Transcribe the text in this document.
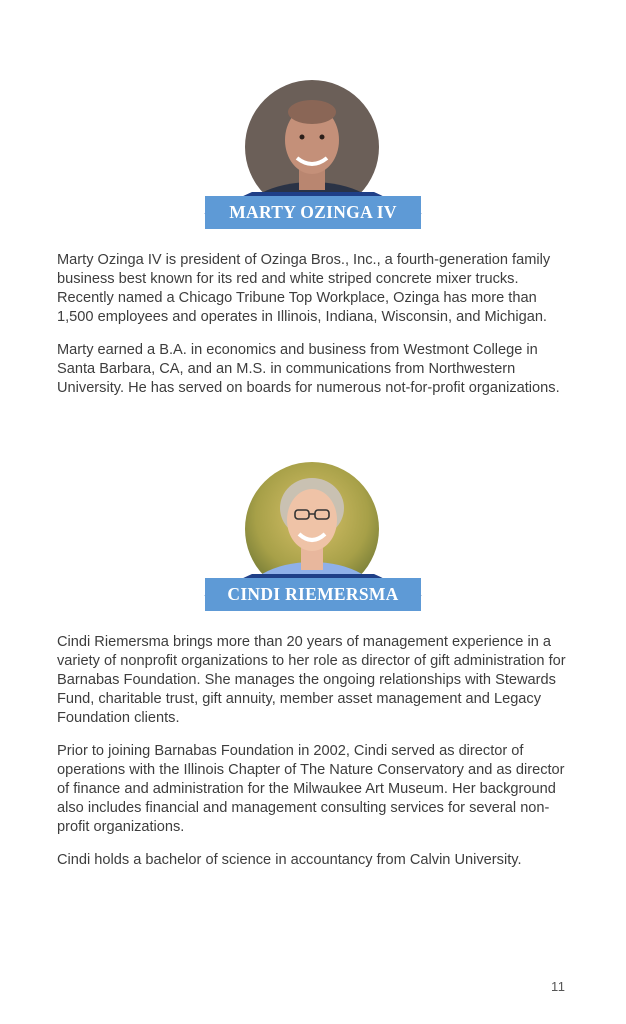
MARTY OZINGA IV

Marty Ozinga IV is president of Ozinga Bros., Inc., a fourth-generation family business best known for its red and white striped concrete mixer trucks. Recently named a Chicago Tribune Top Workplace, Ozinga has more than 1,500 employees and operates in Illinois, Indiana, Wisconsin, and Michigan.

Marty earned a B.A. in economics and business from Westmont College in Santa Barbara, CA, and an M.S. in communications from Northwestern University. He has served on boards for numerous not-for-profit organizations.

CINDI RIEMERSMA

Cindi Riemersma brings more than 20 years of management experience in a variety of nonprofit organizations to her role as director of gift administration for Barnabas Foundation. She manages the ongoing relationships with Stewards Fund, charitable trust, gift annuity, member asset management and Legacy Foundation clients.

Prior to joining Barnabas Foundation in 2002, Cindi served as director of operations with the Illinois Chapter of The Nature Conservatory and as director of finance and administration for the Milwaukee Art Museum. Her background also includes financial and management consulting services for several non-profit organizations.

Cindi holds a bachelor of science in accountancy from Calvin University.

11
